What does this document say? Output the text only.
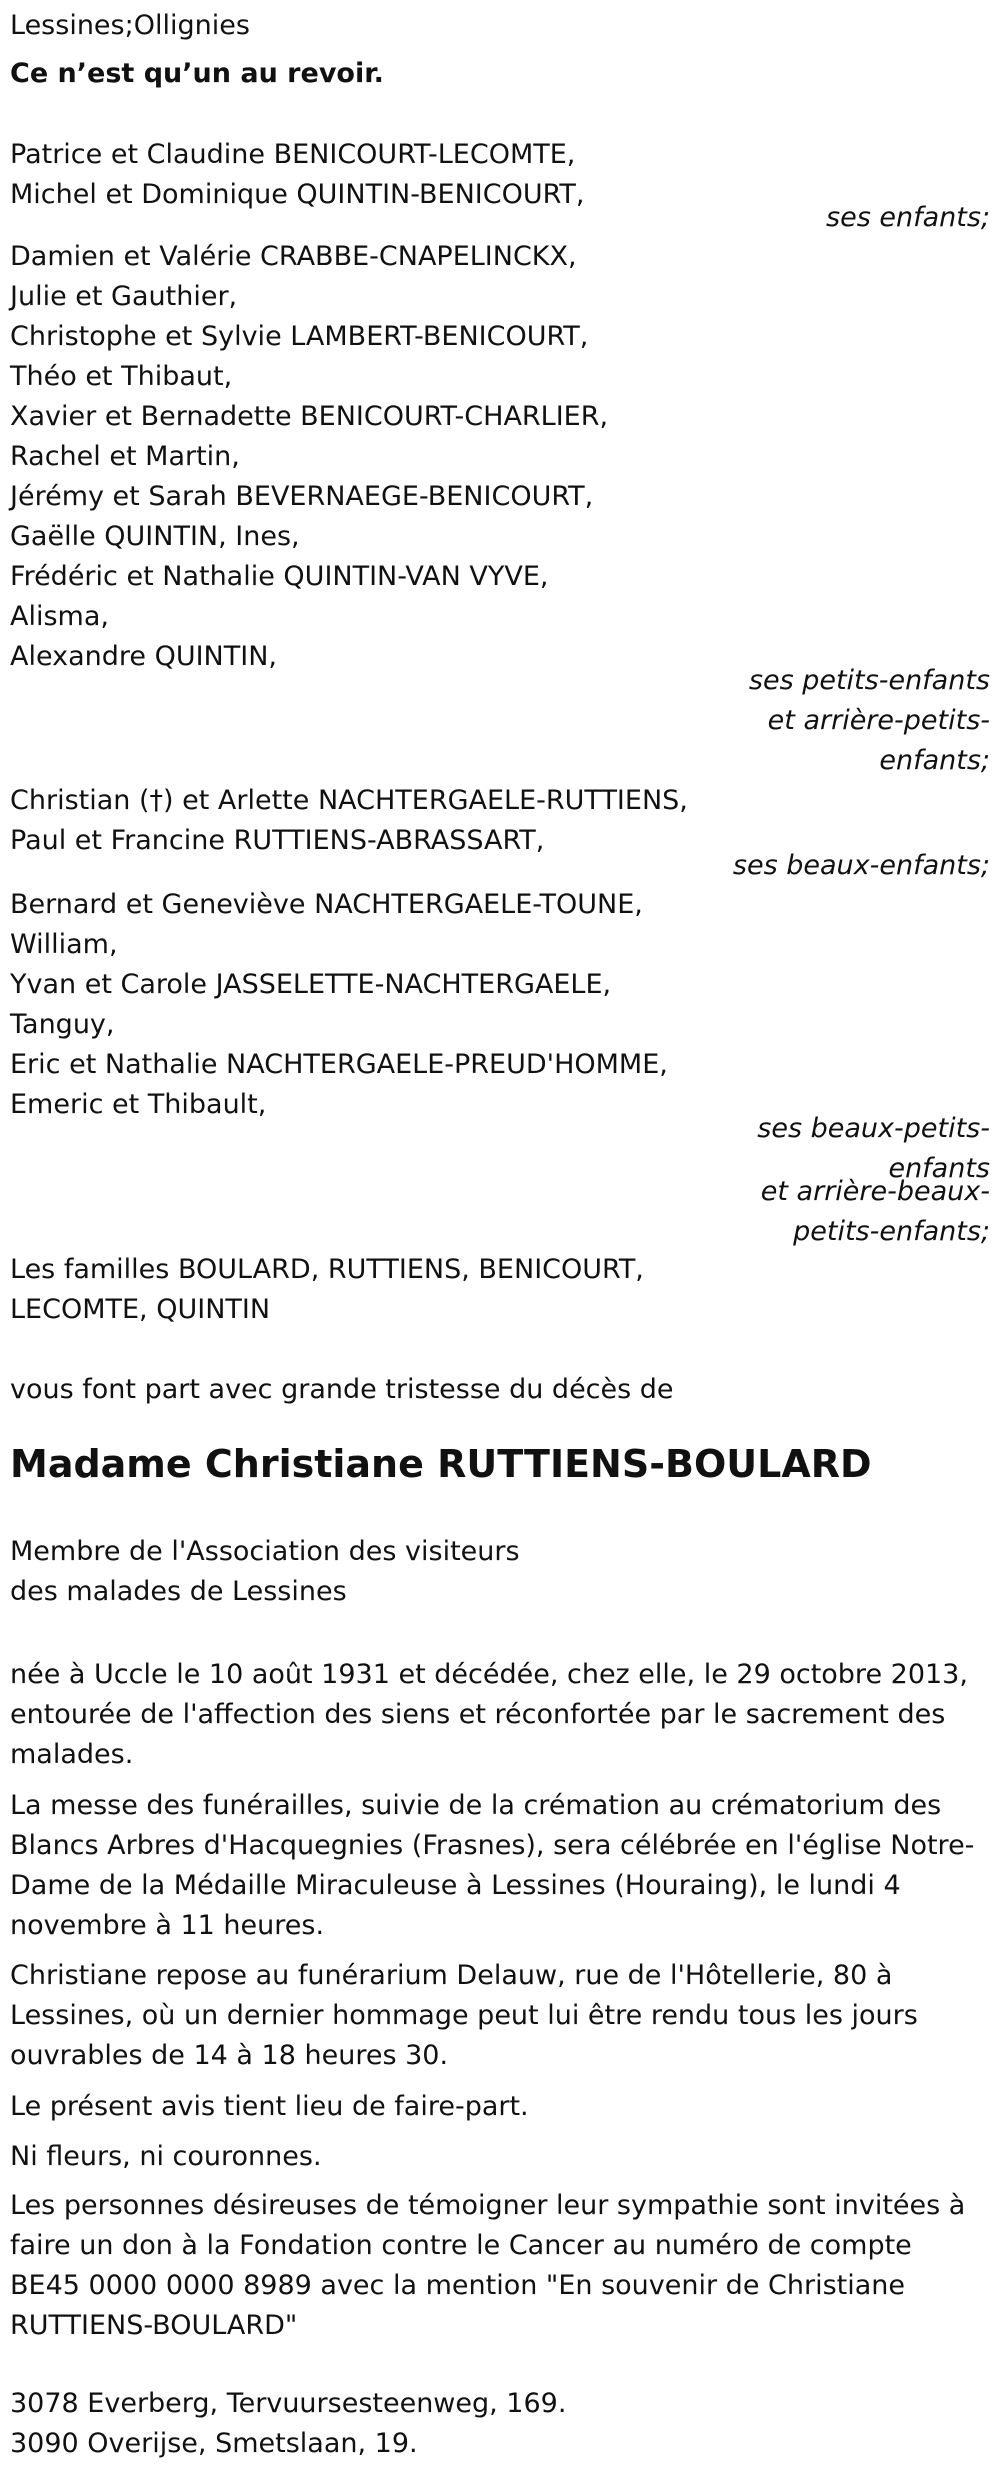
Lessines;Ollignies
Ce n’est qu’un au revoir.
Patrice et Claudine BENICOURT-LECOMTE,
Michel et Dominique QUINTIN-BENICOURT,
ses enfants;
Damien et Valérie CRABBE-CNAPELINCKX,
Julie et Gauthier,
Christophe et Sylvie LAMBERT-BENICOURT,
Théo et Thibaut,
Xavier et Bernadette BENICOURT-CHARLIER,
Rachel et Martin,
Jérémy et Sarah BEVERNAEGE-BENICOURT,
Gaëlle QUINTIN, Ines,
Frédéric et Nathalie QUINTIN-VAN VYVE,
Alisma,
Alexandre QUINTIN,
ses petits-enfants
et arrière-petits-
enfants;
Christian (†) et Arlette NACHTERGAELE-RUTTIENS,
Paul et Francine RUTTIENS-ABRASSART,
ses beaux-enfants;
Bernard et Geneviève NACHTERGAELE-TOUNE,
William,
Yvan et Carole JASSELETTE-NACHTERGAELE,
Tanguy,
Eric et Nathalie NACHTERGAELE-PREUD'HOMME,
Emeric et Thibault,
ses beaux-petits-
enfants
et arrière-beaux-
petits-enfants;
Les familles BOULARD, RUTTIENS, BENICOURT,
LECOMTE, QUINTIN
vous font part avec grande tristesse du décès de
Madame Christiane RUTTIENS-BOULARD
Membre de l'Association des visiteurs
des malades de Lessines
née à Uccle le 10 août 1931 et décédée, chez elle, le 29 octobre 2013, entourée de l'affection des siens et réconfortée par le sacrement des malades.
La messe des funérailles, suivie de la crémation au crématorium des Blancs Arbres d'Hacquegnies (Frasnes), sera célébrée en l'église Notre-Dame de la Médaille Miraculeuse à Lessines (Houraing), le lundi 4 novembre à 11 heures.
Christiane repose au funérarium Delauw, rue de l'Hôtellerie, 80 à Lessines, où un dernier hommage peut lui être rendu tous les jours ouvrables de 14 à 18 heures 30.
Le présent avis tient lieu de faire-part.
Ni fleurs, ni couronnes.
Les personnes désireuses de témoigner leur sympathie sont invitées à faire un don à la Fondation contre le Cancer au numéro de compte BE45 0000 0000 8989 avec la mention "En souvenir de Christiane RUTTIENS-BOULARD"
3078 Everberg, Tervuursesteenweg, 169.
3090 Overijse, Smetslaan, 19.
